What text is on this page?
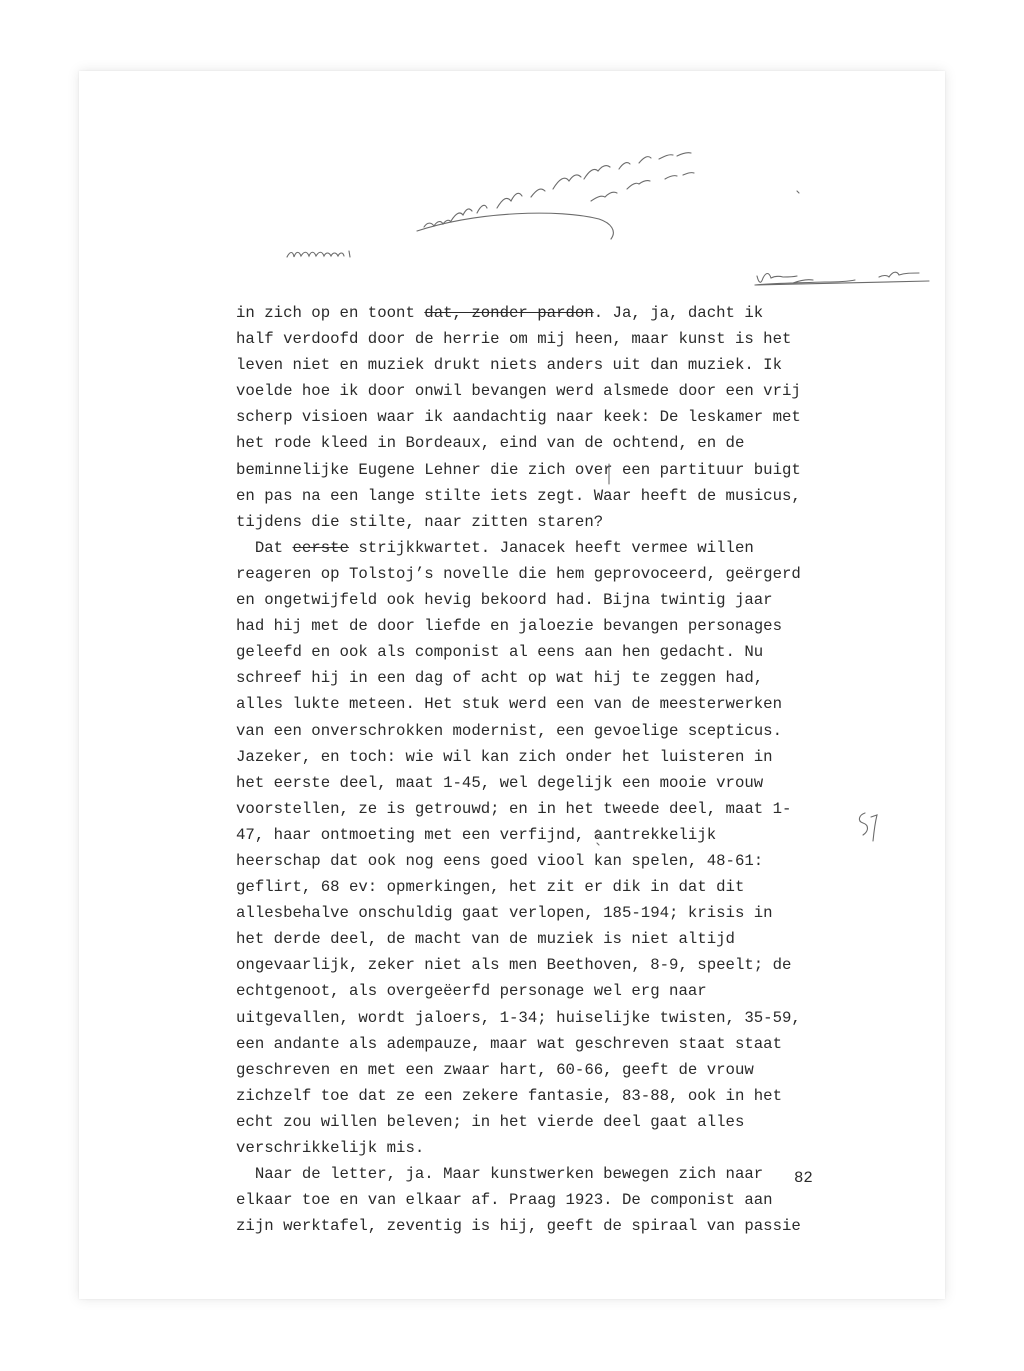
in zich op en toont dat, zonder pardon. Ja, ja, dacht ik
half verdoofd door de herrie om mij heen, maar kunst is het
leven niet en muziek drukt niets anders uit dan muziek. Ik
voelde hoe ik door onwil bevangen werd alsmede door een vrij
scherp visioen waar ik aandachtig naar keek: De leskamer met
het rode kleed in Bordeaux, eind van de ochtend, en de
beminnelijke Eugene Lehner die zich over een partituur buigt
en pas na een lange stilte iets zegt. Waar heeft de musicus,
tijdens die stilte, naar zitten staren?
Dat eerste strijkkwartet. Janacek heeft vermee willen
reageren op Tolstoj’s novelle die hem geprovoceerd, geërgerd
en ongetwijfeld ook hevig bekoord had. Bijna twintig jaar
had hij met de door liefde en jaloezie bevangen personages
geleefd en ook als componist al eens aan hen gedacht. Nu
schreef hij in een dag of acht op wat hij te zeggen had,
alles lukte meteen. Het stuk werd een van de meesterwerken
van een onverschrokken modernist, een gevoelige scepticus.
Jazeker, en toch: wie wil kan zich onder het luisteren in
het eerste deel, maat 1-45, wel degelijk een mooie vrouw
voorstellen, ze is getrouwd; en in het tweede deel, maat 1-
47, haar ontmoeting met een verfijnd, aantrekkelijk
heerschap dat ook nog eens goed viool kan spelen, 48-61:
geflirt, 68 ev: opmerkingen, het zit er dik in dat dit
allesbehalve onschuldig gaat verlopen, 185-194; krisis in
het derde deel, de macht van de muziek is niet altijd
ongevaarlijk, zeker niet als men Beethoven, 8-9, speelt; de
echtgenoot, als overgeëerfd personage wel erg naar
uitgevallen, wordt jaloers, 1-34; huiselijke twisten, 35-59,
een andante als adempauze, maar wat geschreven staat staat
geschreven en met een zwaar hart, 60-66, geeft de vrouw
zichzelf toe dat ze een zekere fantasie, 83-88, ook in het
echt zou willen beleven; in het vierde deel gaat alles
verschrikkelijk mis.
Naar de letter, ja. Maar kunstwerken bewegen zich naar
elkaar toe en van elkaar af. Praag 1923. De componist aan
zijn werktafel, zeventig is hij, geeft de spiraal van passie
82
